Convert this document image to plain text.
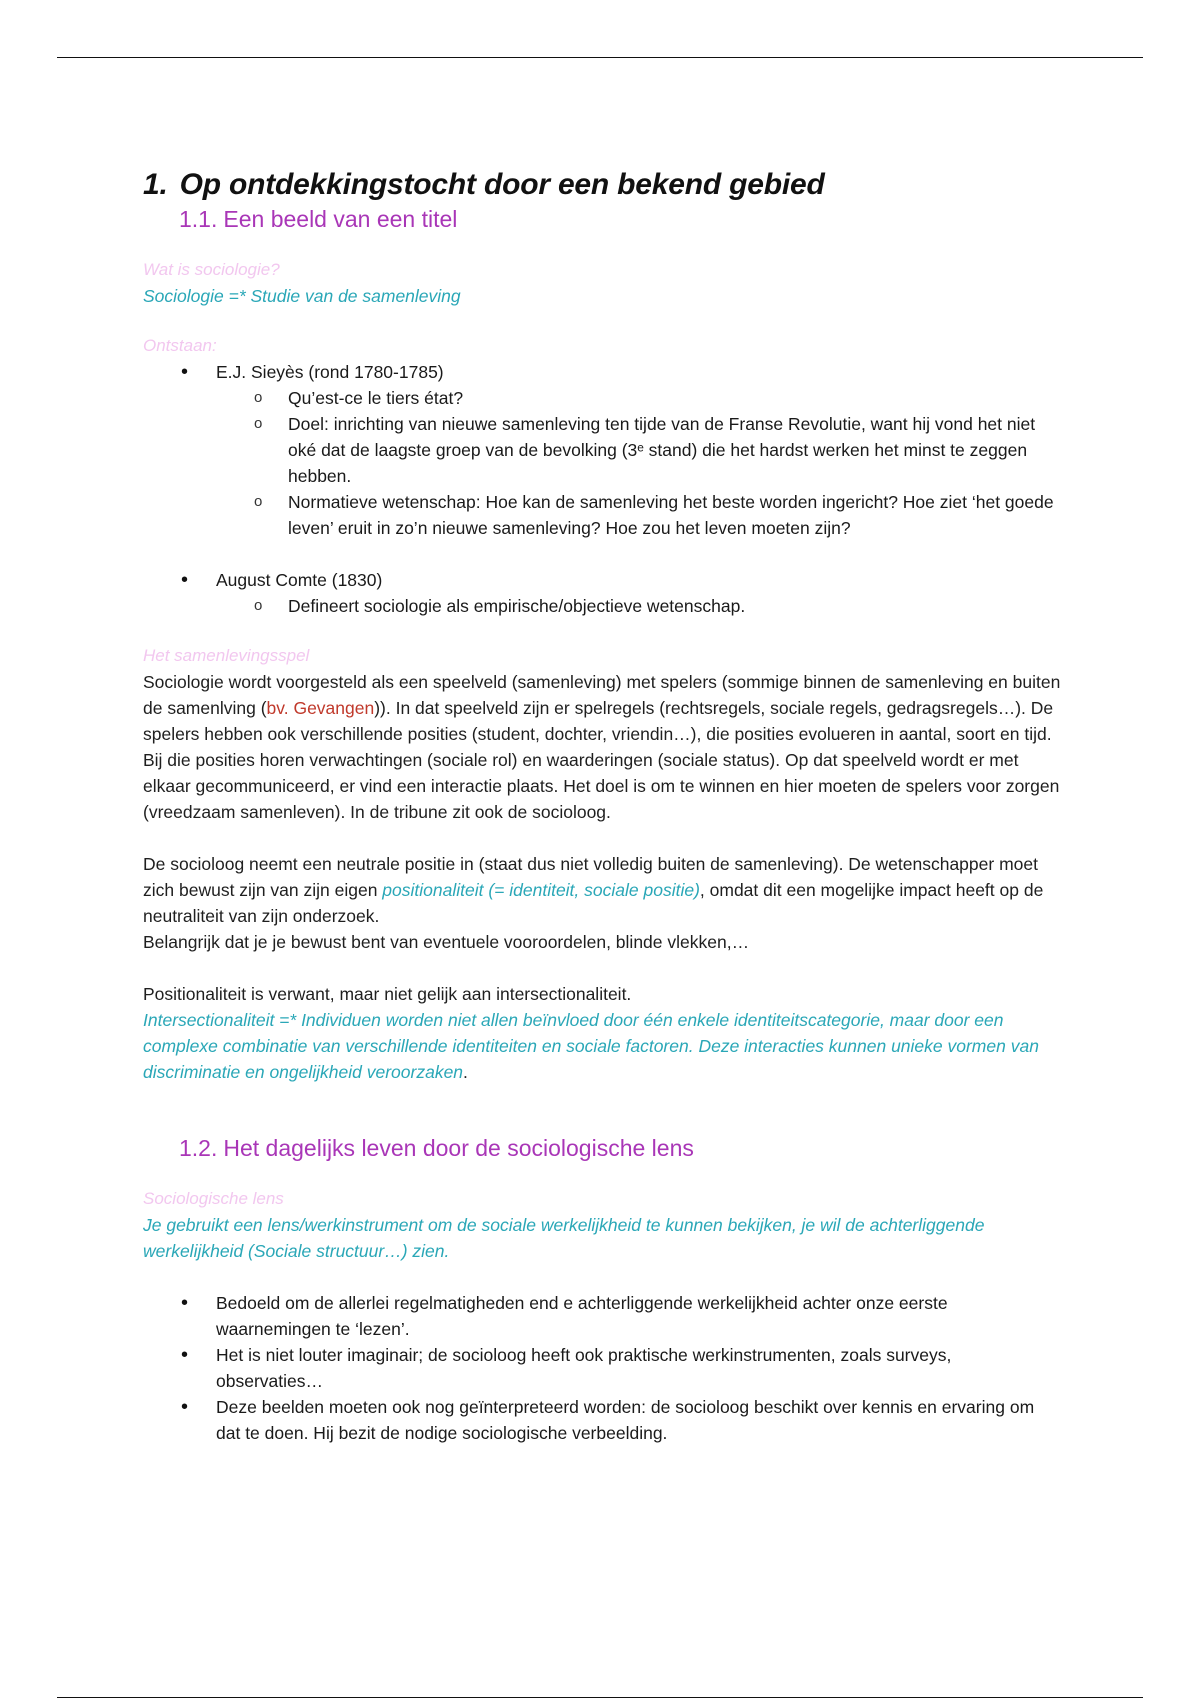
1. Op ontdekkingstocht door een bekend gebied
1.1. Een beeld van een titel

Wat is sociologie?

Sociologie =* Studie van de samenleving

Ontstaan:

• E.J. Sieyès (rond 1780-1785)
o Qu’est-ce le tiers état?
o Doel: inrichting van nieuwe samenleving ten tijde van de Franse Revolutie, want hij vond het niet oké dat de laagste groep van de bevolking (3ᵉ stand) die het hardst werken het minst te zeggen hebben.
o Normatieve wetenschap: Hoe kan de samenleving het beste worden ingericht? Hoe ziet ‘het goede leven’ eruit in zo’n nieuwe samenleving? Hoe zou het leven moeten zijn?
• August Comte (1830)
o Defineert sociologie als empirische/objectieve wetenschap.

Het samenlevingsspel

Sociologie wordt voorgesteld als een speelveld (samenleving) met spelers (sommige binnen de samenleving en buiten de samenlving (bv. Gevangen)). In dat speelveld zijn er spelregels (rechtsregels, sociale regels, gedragsregels…). De spelers hebben ook verschillende posities (student, dochter, vriendin…), die posities evolueren in aantal, soort en tijd. Bij die posities horen verwachtingen (sociale rol) en waarderingen (sociale status). Op dat speelveld wordt er met elkaar gecommuniceerd, er vind een interactie plaats. Het doel is om te winnen en hier moeten de spelers voor zorgen (vreedzaam samenleven). In de tribune zit ook de socioloog.

De socioloog neemt een neutrale positie in (staat dus niet volledig buiten de samenleving). De wetenschapper moet zich bewust zijn van zijn eigen positionaliteit (= identiteit, sociale positie), omdat dit een mogelijke impact heeft op de neutraliteit van zijn onderzoek.

Belangrijk dat je je bewust bent van eventuele vooroordelen, blinde vlekken,…

Positionaliteit is verwant, maar niet gelijk aan intersectionaliteit.

Intersectionaliteit =* Individuen worden niet allen beïnvloed door één enkele identiteitscategorie, maar door een complexe combinatie van verschillende identiteiten en sociale factoren. Deze interacties kunnen unieke vormen van discriminatie en ongelijkheid veroorzaken.

1.2. Het dagelijks leven door de sociologische lens

Sociologische lens

Je gebruikt een lens/werkinstrument om de sociale werkelijkheid te kunnen bekijken, je wil de achterliggende werkelijkheid (Sociale structuur…) zien.

• Bedoeld om de allerlei regelmatigheden end e achterliggende werkelijkheid achter onze eerste waarnemingen te ‘lezen’.
• Het is niet louter imaginair; de socioloog heeft ook praktische werkinstrumenten, zoals surveys, observaties…
• Deze beelden moeten ook nog geïnterpreteerd worden: de socioloog beschikt over kennis en ervaring om dat te doen. Hij bezit de nodige sociologische verbeelding.
